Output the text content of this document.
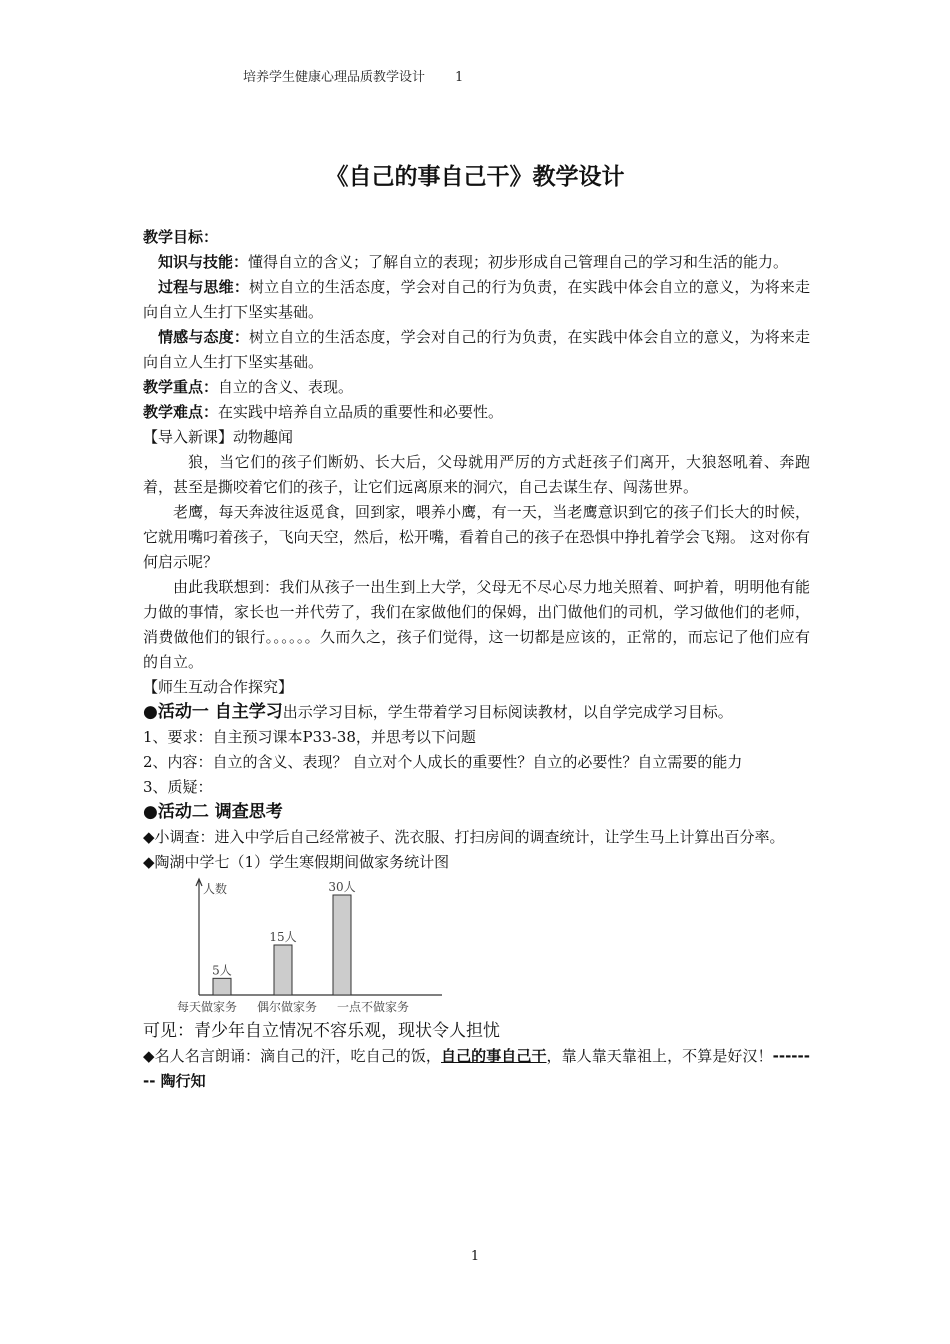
培养学生健康心理品质教学设计 1
《自己的事自己干》教学设计

教学目标：

知识与技能：懂得自立的含义；了解自立的表现；初步形成自己管理自己的学习和生活的能力。

过程与思维：树立自立的生活态度，学会对自己的行为负责，在实践中体会自立的意义，为将来走向自立人生打下坚实基础。

情感与态度：树立自立的生活态度，学会对自己的行为负责，在实践中体会自立的意义，为将来走向自立人生打下坚实基础。

教学重点：自立的含义、表现。

教学难点：在实践中培养自立品质的重要性和必要性。

【导入新课】动物趣闻

狼，当它们的孩子们断奶、长大后，父母就用严厉的方式赶孩子们离开，大狼怒吼着、奔跑着，甚至是撕咬着它们的孩子，让它们远离原来的洞穴，自己去谋生存、闯荡世界。

老鹰，每天奔波往返觅食，回到家，喂养小鹰，有一天，当老鹰意识到它的孩子们长大的时候，它就用嘴叼着孩子，飞向天空，然后，松开嘴，看着自己的孩子在恐惧中挣扎着学会飞翔。 这对你有何启示呢？

由此我联想到：我们从孩子一出生到上大学，父母无不尽心尽力地关照着、呵护着，明明他有能力做的事情，家长也一并代劳了，我们在家做他们的保姆，出门做他们的司机，学习做他们的老师，消费做他们的银行。。。。。。久而久之，孩子们觉得，这一切都是应该的，正常的，而忘记了他们应有的自立。

【师生互动合作探究】

●活动一 自主学习出示学习目标，学生带着学习目标阅读教材，以自学完成学习目标。

1、要求：自主预习课本P33-38，并思考以下问题

2、内容：自立的含义、表现？ 自立对个人成长的重要性？自立的必要性？自立需要的能力

3、质疑：

●活动二 调查思考

◆小调查：进入中学后自己经常被子、洗衣服、打扫房间的调查统计，让学生马上计算出百分率。

◆陶湖中学七（1）学生寒假期间做家务统计图

人数
5人
每天做家务
15人
偶尔做家务
30人
一点不做家务

可见：青少年自立情况不容乐观，现状令人担忧

◆名人名言朗诵：滴自己的汗，吃自己的饭，自己的事自己干，靠人靠天靠祖上，不算是好汉！-------- 陶行知

1
